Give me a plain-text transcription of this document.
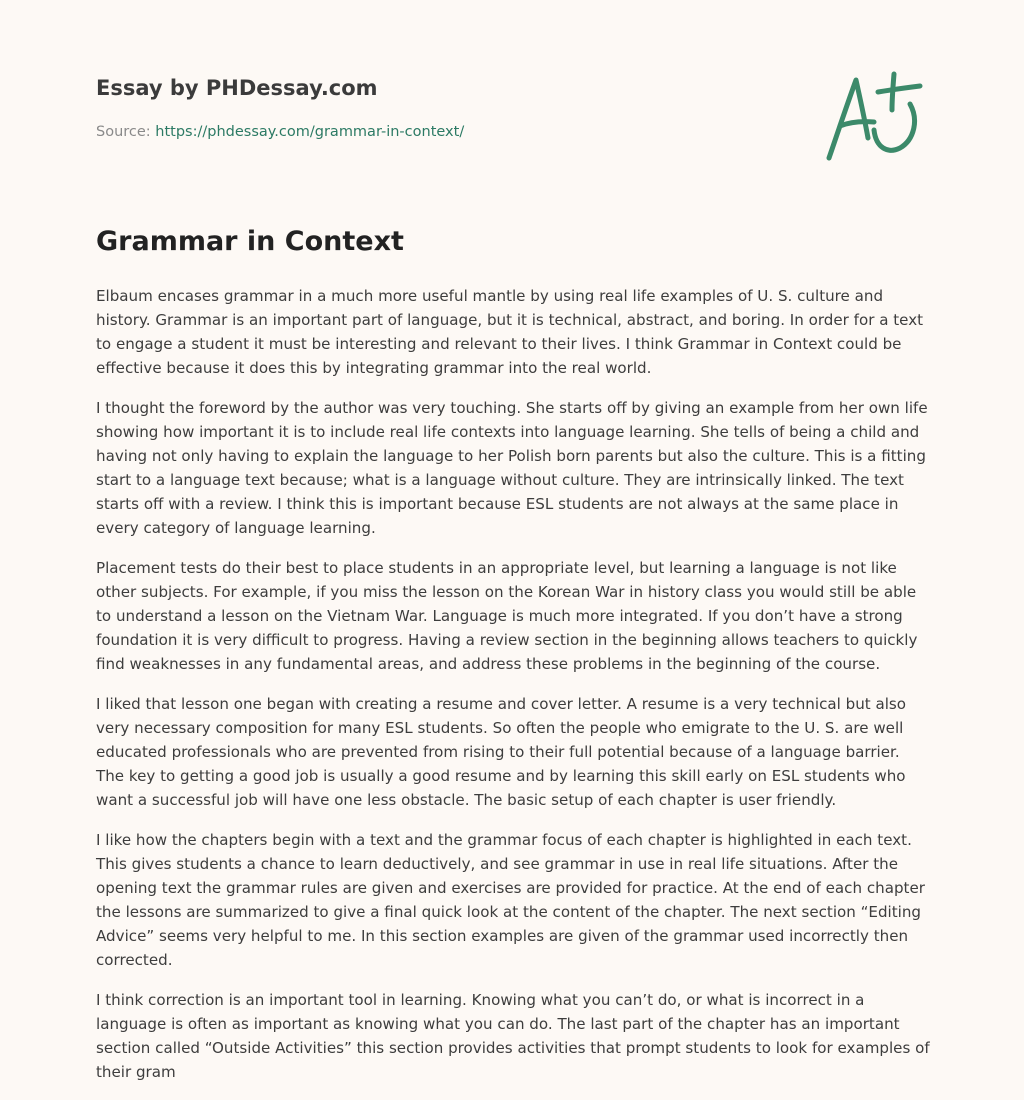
Essay by PHDessay.com

Source: https://phdessay.com/grammar-in-context/

Grammar in Context

Elbaum encases grammar in a much more useful mantle by using real life examples of U. S. culture and history. Grammar is an important part of language, but it is technical, abstract, and boring. In order for a text to engage a student it must be interesting and relevant to their lives. I think Grammar in Context could be effective because it does this by integrating grammar into the real world.

I thought the foreword by the author was very touching. She starts off by giving an example from her own life showing how important it is to include real life contexts into language learning. She tells of being a child and having not only having to explain the language to her Polish born parents but also the culture. This is a fitting start to a language text because; what is a language without culture. They are intrinsically linked. The text starts off with a review. I think this is important because ESL students are not always at the same place in every category of language learning.

Placement tests do their best to place students in an appropriate level, but learning a language is not like other subjects. For example, if you miss the lesson on the Korean War in history class you would still be able to understand a lesson on the Vietnam War. Language is much more integrated. If you don’t have a strong foundation it is very difficult to progress. Having a review section in the beginning allows teachers to quickly find weaknesses in any fundamental areas, and address these problems in the beginning of the course.

I liked that lesson one began with creating a resume and cover letter. A resume is a very technical but also very necessary composition for many ESL students. So often the people who emigrate to the U. S. are well educated professionals who are prevented from rising to their full potential because of a language barrier. The key to getting a good job is usually a good resume and by learning this skill early on ESL students who want a successful job will have one less obstacle. The basic setup of each chapter is user friendly.

I like how the chapters begin with a text and the grammar focus of each chapter is highlighted in each text. This gives students a chance to learn deductively, and see grammar in use in real life situations. After the opening text the grammar rules are given and exercises are provided for practice. At the end of each chapter the lessons are summarized to give a final quick look at the content of the chapter. The next section “Editing Advice” seems very helpful to me. In this section examples are given of the grammar used incorrectly then corrected.

I think correction is an important tool in learning. Knowing what you can’t do, or what is incorrect in a language is often as important as knowing what you can do. The last part of the chapter has an important section called “Outside Activities” this section provides activities that prompt students to look for examples of their gram
